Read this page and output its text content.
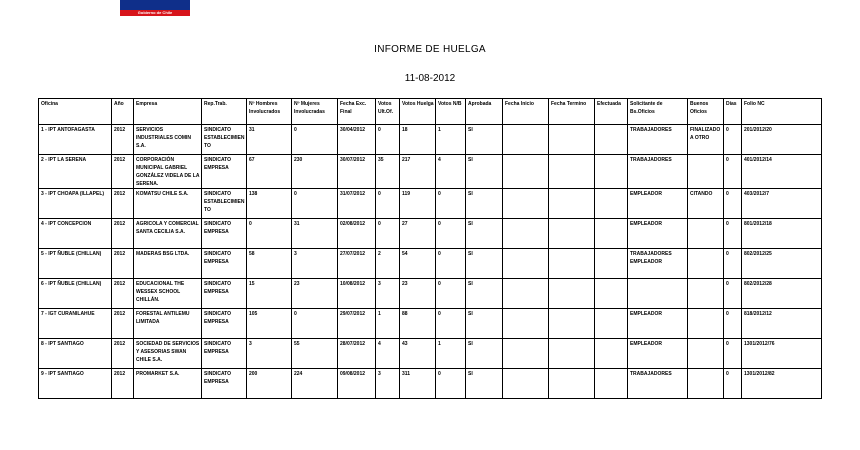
Gobierno de Chile
INFORME DE HUELGA
11-08-2012
Oficina	Año	Empresa	Rep.Trab.	Nº Hombres Involucrados	Nº Mujeres Involucradas	Fecha Exc. Final	Votos Ult.Of.	Votos Huelga	Votos N/B	Aprobada	Fecha Inicio	Fecha Termino	Efectuada	Solicitante de Bs.Oficios	Buenos Oficios	Días	Folio NC
1 - IPT ANTOFAGASTA	2012	SERVICIOS INDUSTRIALES COMIN S.A.	SINDICATO ESTABLECIMIENTO	31	0	30/04/2012	0	18	1	SI				TRABAJADORES	FINALIZADO A OTRO	0	201/2012/20
2 - IPT LA SERENA	2012	CORPORACIÓN MUNICIPAL GABRIEL GONZÁLEZ VIDELA DE LA SERENA.	SINDICATO EMPRESA	67	230	30/07/2012	35	217	4	SI				TRABAJADORES		0	401/2012/14
3 - IPT CHOAPA (ILLAPEL)	2012	KOMATSU CHILE S.A.	SINDICATO ESTABLECIMIENTO	138	0	31/07/2012	0	119	0	SI				EMPLEADOR	CITANDO	0	403/2012/7
4 - IPT CONCEPCION	2012	AGRICOLA Y COMERCIAL SANTA CECILIA S.A.	SINDICATO EMPRESA	0	31	02/08/2012	0	27	0	SI				EMPLEADOR		0	801/2012/18
5 - IPT ÑUBLE (CHILLAN)	2012	MADERAS BSG LTDA.	SINDICATO EMPRESA	58	3	27/07/2012	2	54	0	SI				TRABAJADORES EMPLEADOR		0	802/2012/25
6 - IPT ÑUBLE (CHILLAN)	2012	EDUCACIONAL THE WESSEX SCHOOL CHILLÁN.	SINDICATO EMPRESA	15	23	10/08/2012	3	23	0	SI						0	802/2012/28
7 - IGT CURANILAHUE	2012	FORESTAL ANTILEMU LIMITADA	SINDICATO EMPRESA	105	0	29/07/2012	1	88	0	SI				EMPLEADOR		0	818/2012/12
8 - IPT SANTIAGO	2012	SOCIEDAD DE SERVICIOS Y ASESORIAS SWAN CHILE S.A.	SINDICATO EMPRESA	3	55	28/07/2012	4	43	1	SI				EMPLEADOR		0	1301/2012/76
9 - IPT SANTIAGO	2012	PROMARKET S.A.	SINDICATO EMPRESA	200	224	09/08/2012	3	311	0	SI				TRABAJADORES		0	1301/2012/82
